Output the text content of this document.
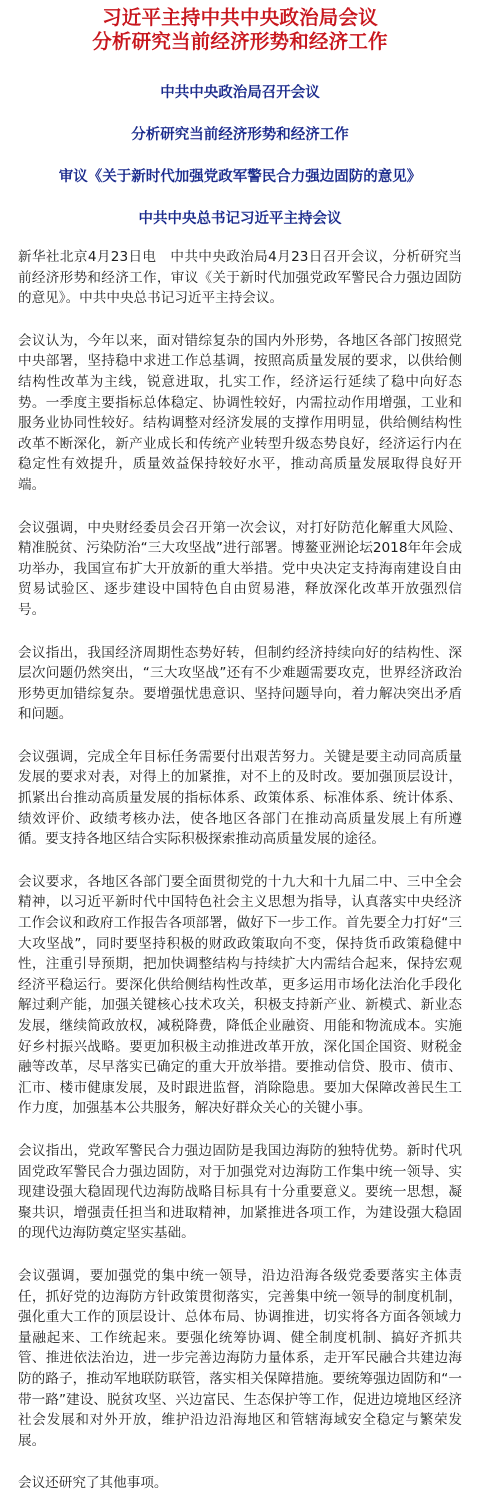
习近平主持中共中央政治局会议

分析研究当前经济形势和经济工作

中共中央政治局召开会议

分析研究当前经济形势和经济工作

审议《关于新时代加强党政军警民合力强边固防的意见》

中共中央总书记习近平主持会议

新华社北京4月23日电　中共中央政治局4月23日召开会议，分析研究当前经济形势和经济工作，审议《关于新时代加强党政军警民合力强边固防的意见》。中共中央总书记习近平主持会议。

会议认为，今年以来，面对错综复杂的国内外形势，各地区各部门按照党中央部署，坚持稳中求进工作总基调，按照高质量发展的要求，以供给侧结构性改革为主线，锐意进取，扎实工作，经济运行延续了稳中向好态势。一季度主要指标总体稳定、协调性较好，内需拉动作用增强，工业和服务业协同性较好。结构调整对经济发展的支撑作用明显，供给侧结构性改革不断深化，新产业成长和传统产业转型升级态势良好，经济运行内在稳定性有效提升，质量效益保持较好水平，推动高质量发展取得良好开端。

会议强调，中央财经委员会召开第一次会议，对打好防范化解重大风险、精准脱贫、污染防治“三大攻坚战”进行部署。博鳌亚洲论坛2018年年会成功举办，我国宣布扩大开放新的重大举措。党中央决定支持海南建设自由贸易试验区、逐步建设中国特色自由贸易港，释放深化改革开放强烈信号。

会议指出，我国经济周期性态势好转，但制约经济持续向好的结构性、深层次问题仍然突出，“三大攻坚战”还有不少难题需要攻克，世界经济政治形势更加错综复杂。要增强忧患意识、坚持问题导向，着力解决突出矛盾和问题。

会议强调，完成全年目标任务需要付出艰苦努力。关键是要主动同高质量发展的要求对表，对得上的加紧推，对不上的及时改。要加强顶层设计，抓紧出台推动高质量发展的指标体系、政策体系、标准体系、统计体系、绩效评价、政绩考核办法，使各地区各部门在推动高质量发展上有所遵循。要支持各地区结合实际积极探索推动高质量发展的途径。

会议要求，各地区各部门要全面贯彻党的十九大和十九届二中、三中全会精神，以习近平新时代中国特色社会主义思想为指导，认真落实中央经济工作会议和政府工作报告各项部署，做好下一步工作。首先要全力打好“三大攻坚战”，同时要坚持积极的财政政策取向不变，保持货币政策稳健中性，注重引导预期，把加快调整结构与持续扩大内需结合起来，保持宏观经济平稳运行。要深化供给侧结构性改革，更多运用市场化法治化手段化解过剩产能，加强关键核心技术攻关，积极支持新产业、新模式、新业态发展，继续简政放权，减税降费，降低企业融资、用能和物流成本。实施好乡村振兴战略。要更加积极主动推进改革开放，深化国企国资、财税金融等改革，尽早落实已确定的重大开放举措。要推动信贷、股市、债市、汇市、楼市健康发展，及时跟进监督，消除隐患。要加大保障改善民生工作力度，加强基本公共服务，解决好群众关心的关键小事。

会议指出，党政军警民合力强边固防是我国边海防的独特优势。新时代巩固党政军警民合力强边固防，对于加强党对边海防工作集中统一领导、实现建设强大稳固现代边海防战略目标具有十分重要意义。要统一思想，凝聚共识，增强责任担当和进取精神，加紧推进各项工作，为建设强大稳固的现代边海防奠定坚实基础。

会议强调，要加强党的集中统一领导，沿边沿海各级党委要落实主体责任，抓好党的边海防方针政策贯彻落实，完善集中统一领导的制度机制，强化重大工作的顶层设计、总体布局、协调推进，切实将各方面各领域力量融起来、工作统起来。要强化统筹协调、健全制度机制、搞好齐抓共管、推进依法治边，进一步完善边海防力量体系，走开军民融合共建边海防的路子，推动军地联防联管，落实相关保障措施。要统筹强边固防和“一带一路”建设、脱贫攻坚、兴边富民、生态保护等工作，促进边境地区经济社会发展和对外开放，维护沿边沿海地区和管辖海域安全稳定与繁荣发展。

会议还研究了其他事项。
